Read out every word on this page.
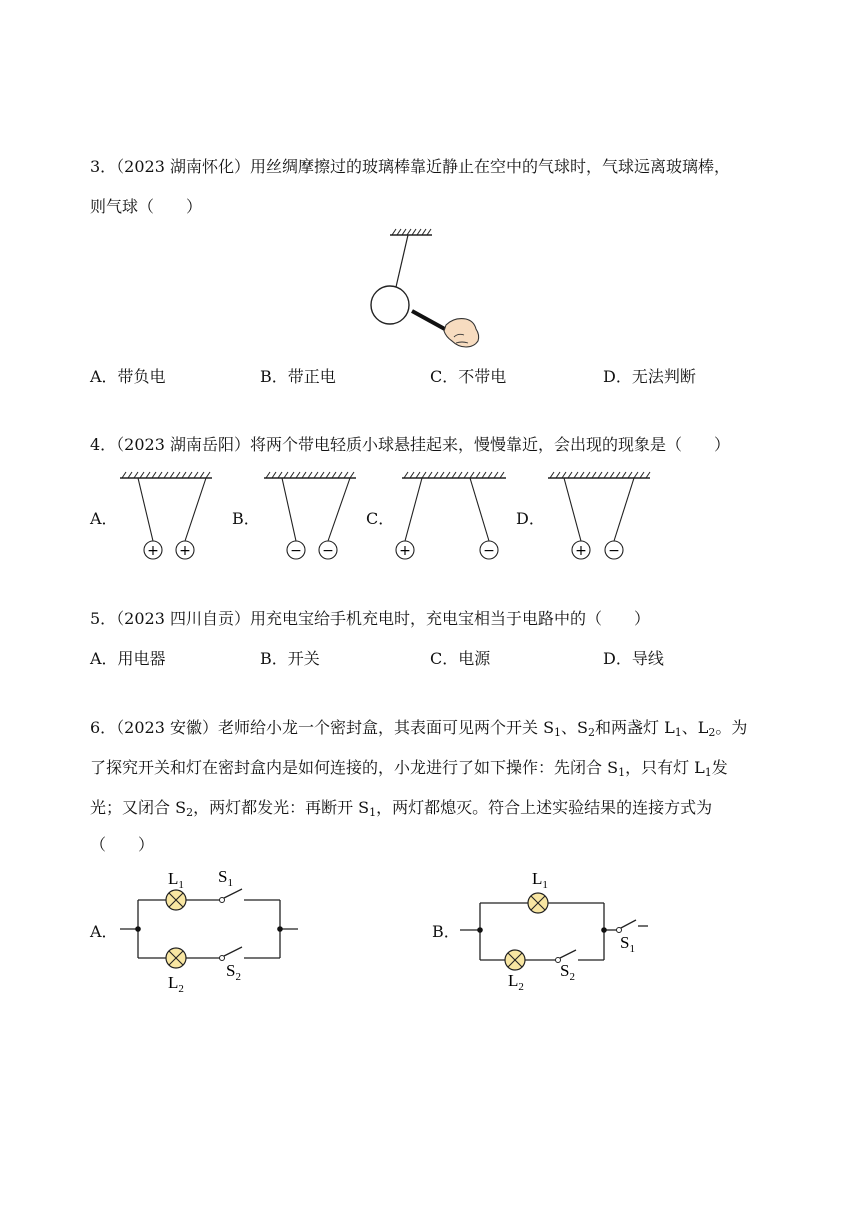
3．（2023 湖南怀化）用丝绸摩擦过的玻璃棒靠近静止在空中的气球时，气球远离玻璃棒，
则气球（　　）
A．带负电	B．带正电	C．不带电	D．无法判断
4．（2023 湖南岳阳）将两个带电轻质小球悬挂起来，慢慢靠近，会出现的现象是（　　）
A．	B．	C．	D．
+ +	− −	+	−	+ −
5．（2023 四川自贡）用充电宝给手机充电时，充电宝相当于电路中的（　　）
A．用电器	B．开关	C．电源	D．导线
6．（2023 安徽）老师给小龙一个密封盒，其表面可见两个开关 $S_1$、$S_2$和两盏灯 $L_1$、$L_2$。为
了探究开关和灯在密封盒内是如何连接的，小龙进行了如下操作：先闭合 $S_1$，只有灯 $L_1$发
光；又闭合 $S_2$，两灯都发光：再断开 $S_1$，两灯都熄灭。符合上述实验结果的连接方式为
（　　）
A．	B．
$L_1$ $S_1$
$L_2$
$S_2$
$L_1$
$L_2$
$S_2$
$S_1$
